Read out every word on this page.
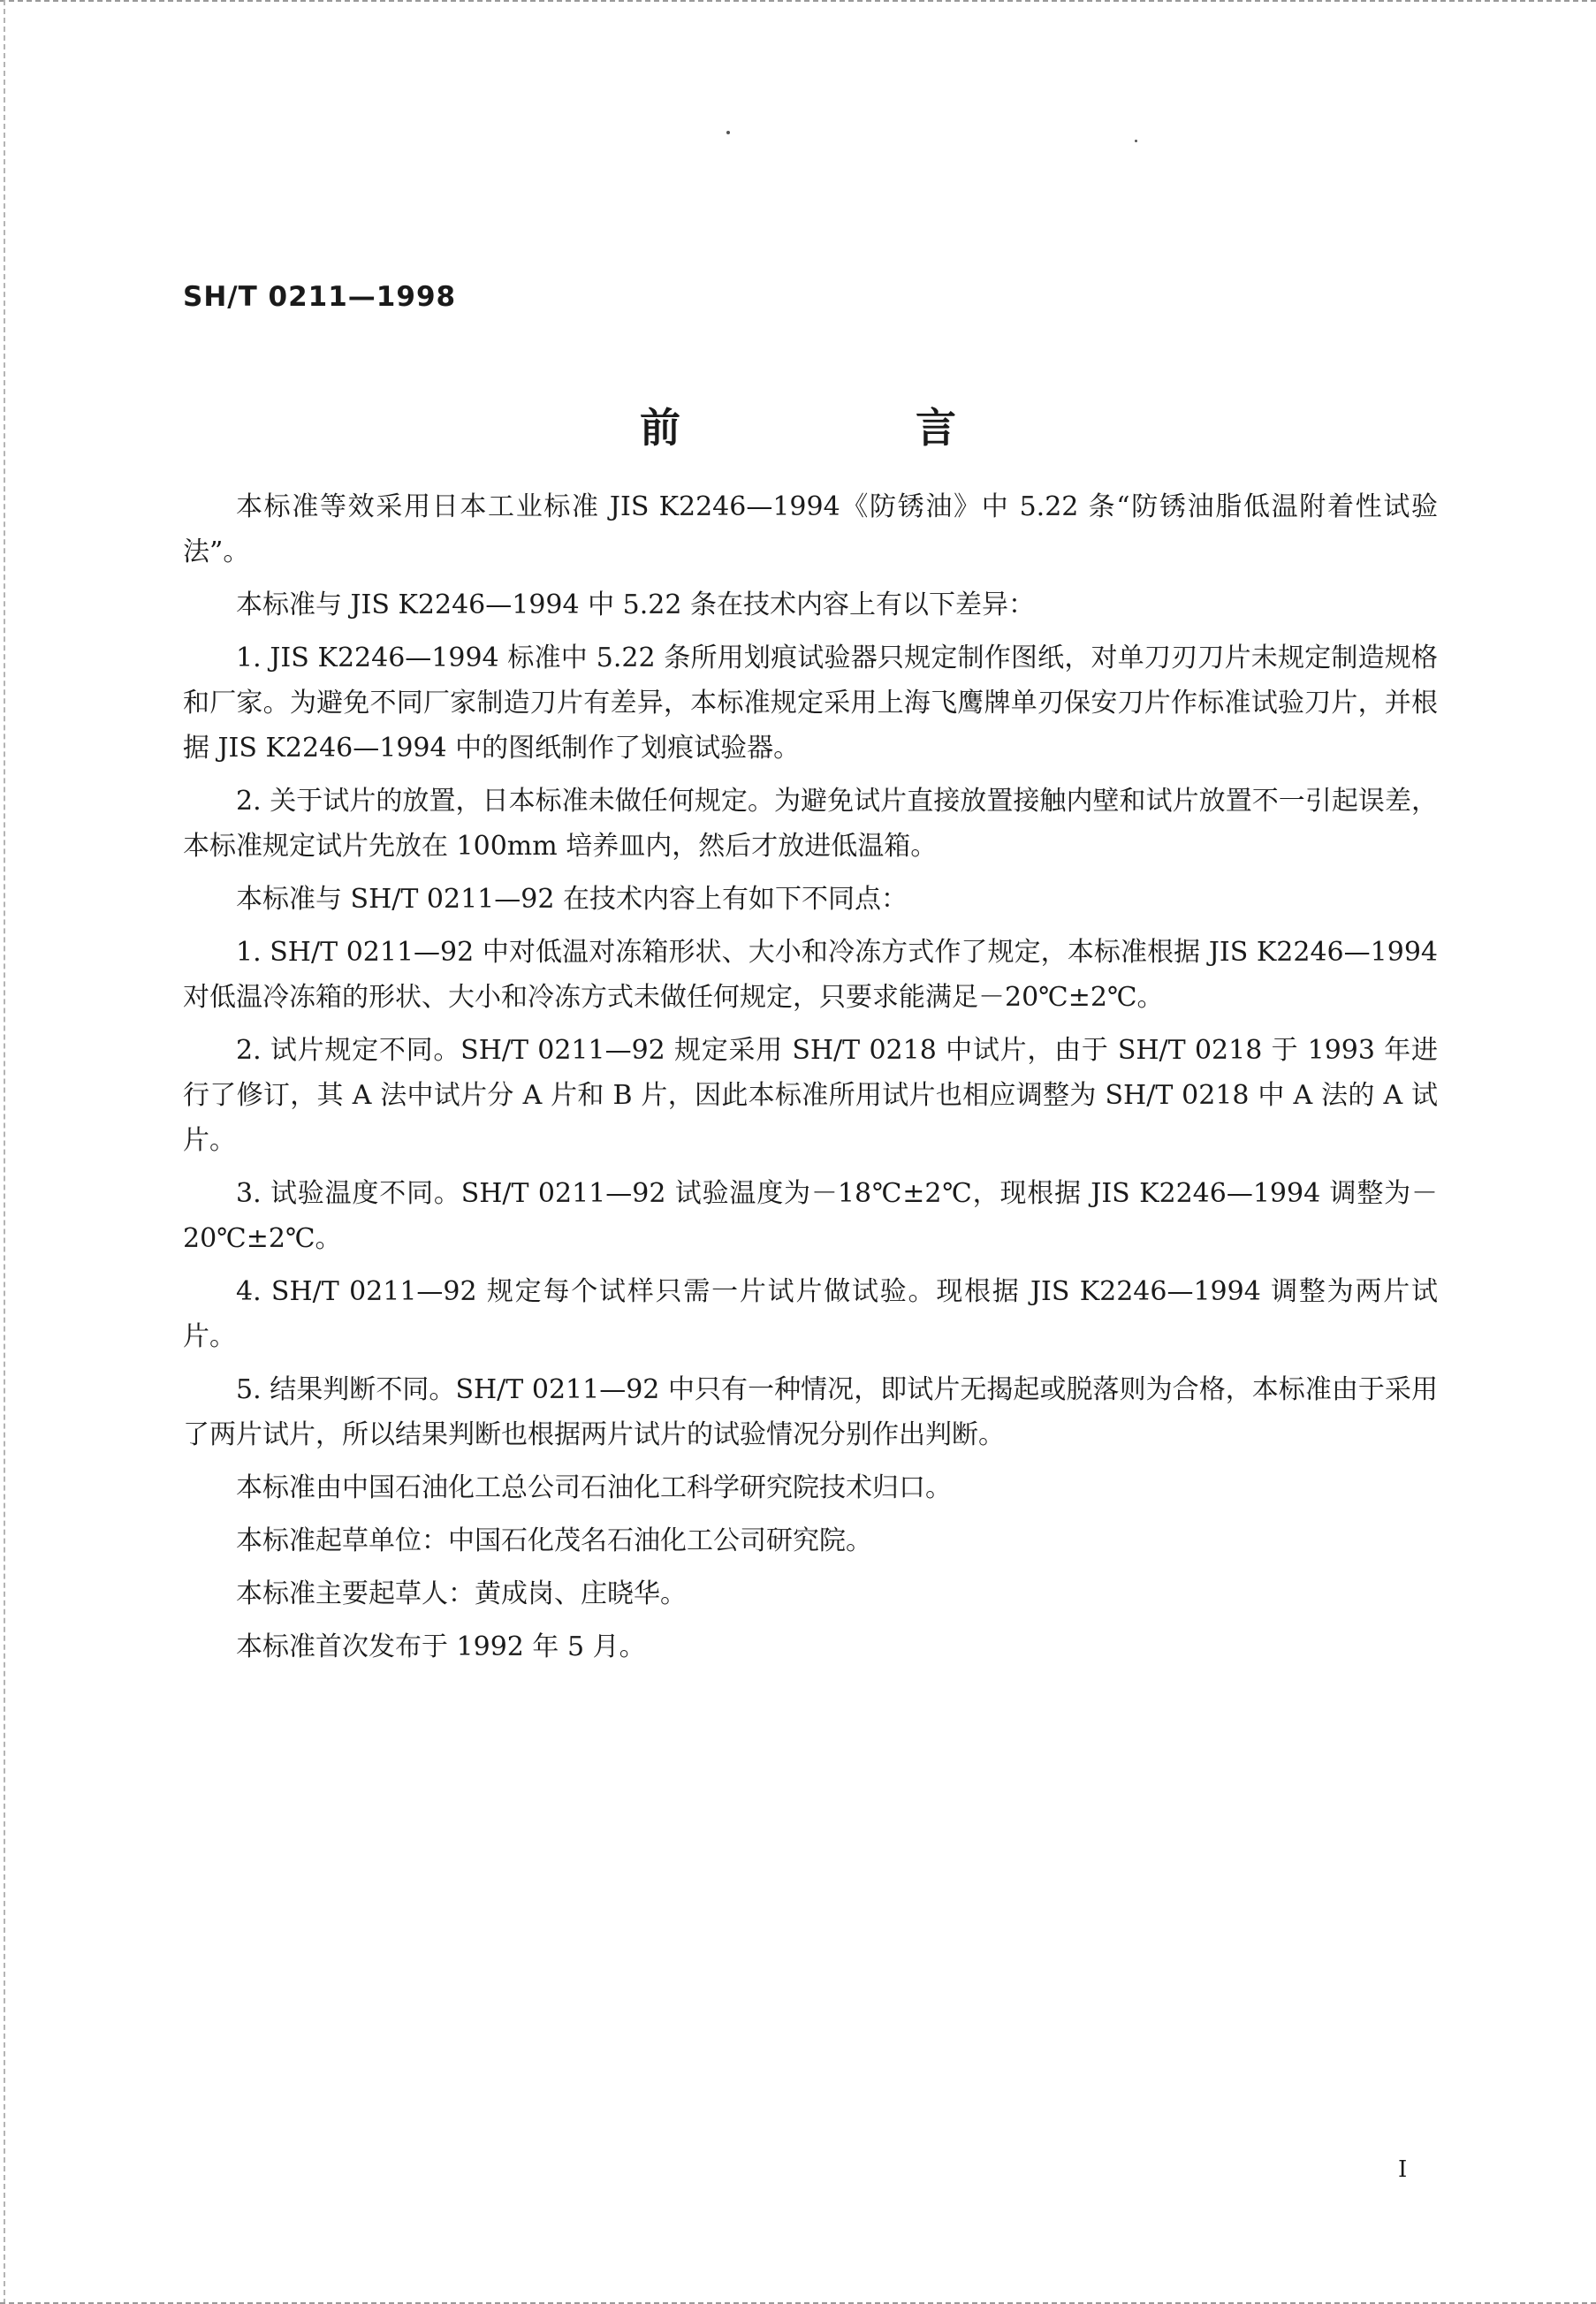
SH/T 0211—1998
前　言

本标准等效采用日本工业标准 JIS K2246—1994《防锈油》中 5.22 条“防锈油脂低温附着性试验法”。

本标准与 JIS K2246—1994 中 5.22 条在技术内容上有以下差异：

1. JIS K2246—1994 标准中 5.22 条所用划痕试验器只规定制作图纸，对单刀刃刀片未规定制造规格和厂家。为避免不同厂家制造刀片有差异，本标准规定采用上海飞鹰牌单刃保安刀片作标准试验刀片，并根据 JIS K2246—1994 中的图纸制作了划痕试验器。

2. 关于试片的放置，日本标准未做任何规定。为避免试片直接放置接触内壁和试片放置不一引起误差，本标准规定试片先放在 100mm 培养皿内，然后才放进低温箱。

本标准与 SH/T 0211—92 在技术内容上有如下不同点：

1. SH/T 0211—92 中对低温对冻箱形状、大小和冷冻方式作了规定，本标准根据 JIS K2246—1994 对低温冷冻箱的形状、大小和冷冻方式未做任何规定，只要求能满足－20℃±2℃。

2. 试片规定不同。SH/T 0211—92 规定采用 SH/T 0218 中试片，由于 SH/T 0218 于 1993 年进行了修订，其 A 法中试片分 A 片和 B 片，因此本标准所用试片也相应调整为 SH/T 0218 中 A 法的 A 试片。

3. 试验温度不同。SH/T 0211—92 试验温度为－18℃±2℃，现根据 JIS K2246—1994 调整为－20℃±2℃。

4. SH/T 0211—92 规定每个试样只需一片试片做试验。现根据 JIS K2246—1994 调整为两片试片。

5. 结果判断不同。SH/T 0211—92 中只有一种情况，即试片无揭起或脱落则为合格，本标准由于采用了两片试片，所以结果判断也根据两片试片的试验情况分别作出判断。

本标准由中国石油化工总公司石油化工科学研究院技术归口。

本标准起草单位：中国石化茂名石油化工公司研究院。

本标准主要起草人：黄成岗、庄晓华。

本标准首次发布于 1992 年 5 月。

I
